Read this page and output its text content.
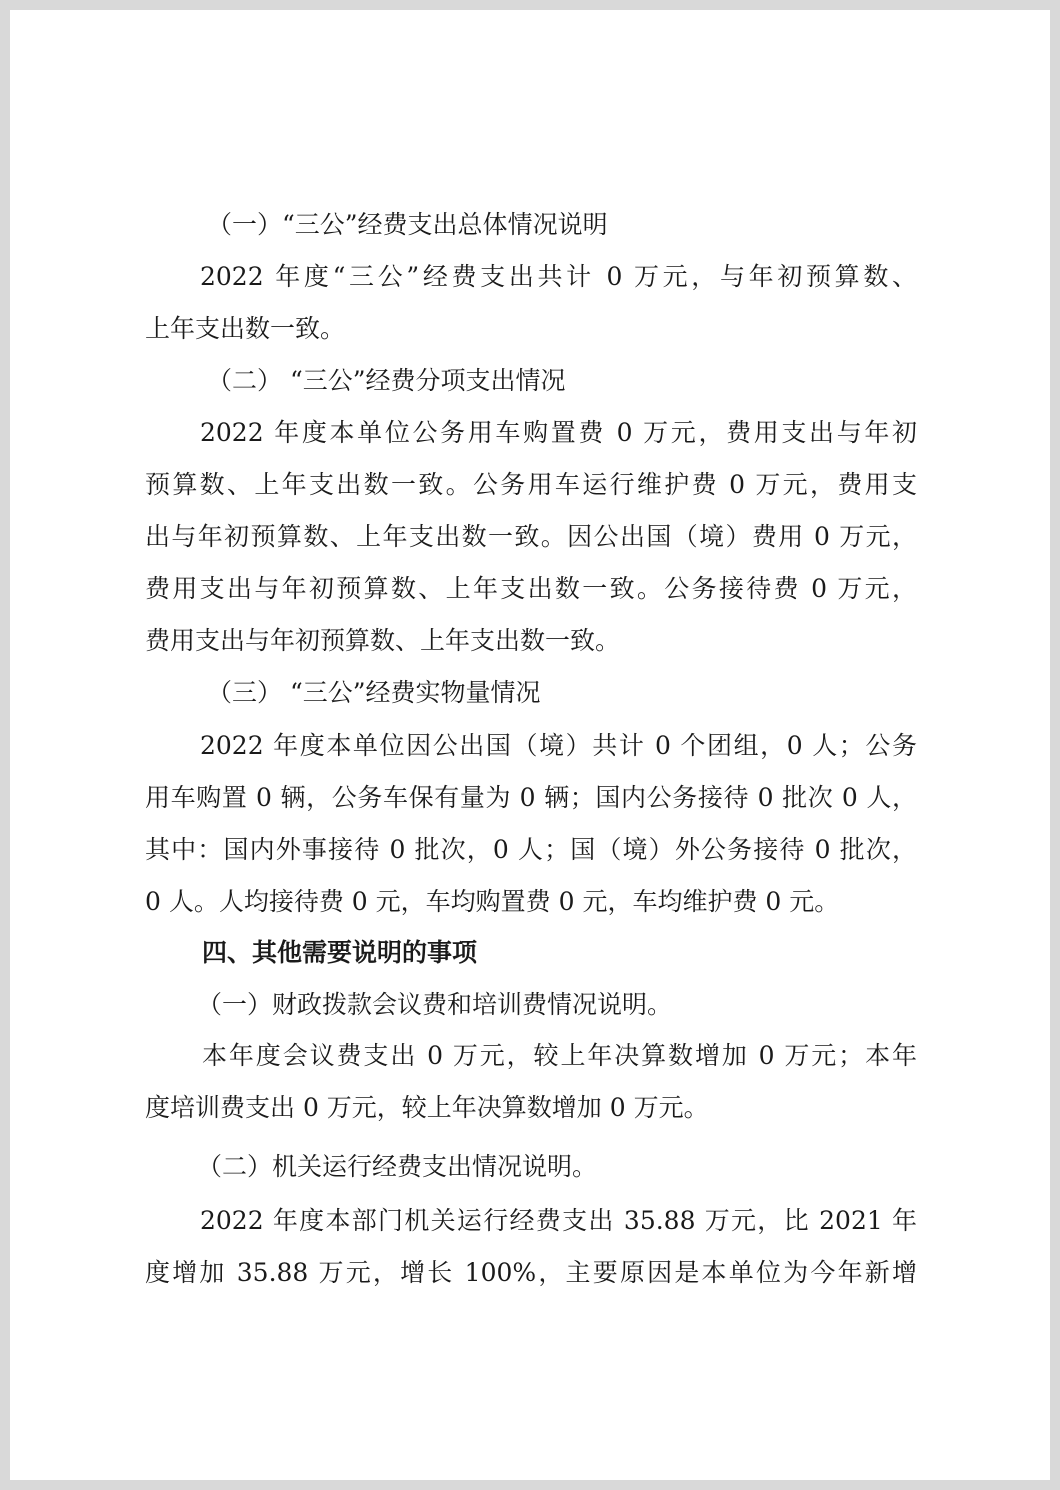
（一）“三公”经费支出总体情况说明
2022 年度“三公”经费支出共计 0 万元，与年初预算数、
上年支出数一致。
（二） “三公”经费分项支出情况
2022 年度本单位公务用车购置费 0 万元，费用支出与年初
预算数、上年支出数一致。公务用车运行维护费 0 万元，费用支
出与年初预算数、上年支出数一致。因公出国（境）费用 0 万元，
费用支出与年初预算数、上年支出数一致。公务接待费 0 万元，
费用支出与年初预算数、上年支出数一致。
（三） “三公”经费实物量情况
2022 年度本单位因公出国（境）共计 0 个团组，0 人；公务
用车购置 0 辆，公务车保有量为 0 辆；国内公务接待 0 批次 0 人，
其中：国内外事接待 0 批次，0 人；国（境）外公务接待 0 批次，
0 人。人均接待费 0 元，车均购置费 0 元，车均维护费 0 元。
四、其他需要说明的事项
（一）财政拨款会议费和培训费情况说明。
本年度会议费支出 0 万元，较上年决算数增加 0 万元；本年
度培训费支出 0 万元，较上年决算数增加 0 万元。
（二）机关运行经费支出情况说明。
2022 年度本部门机关运行经费支出 35.88 万元，比 2021 年
度增加 35.88 万元，增长 100%，主要原因是本单位为今年新增
